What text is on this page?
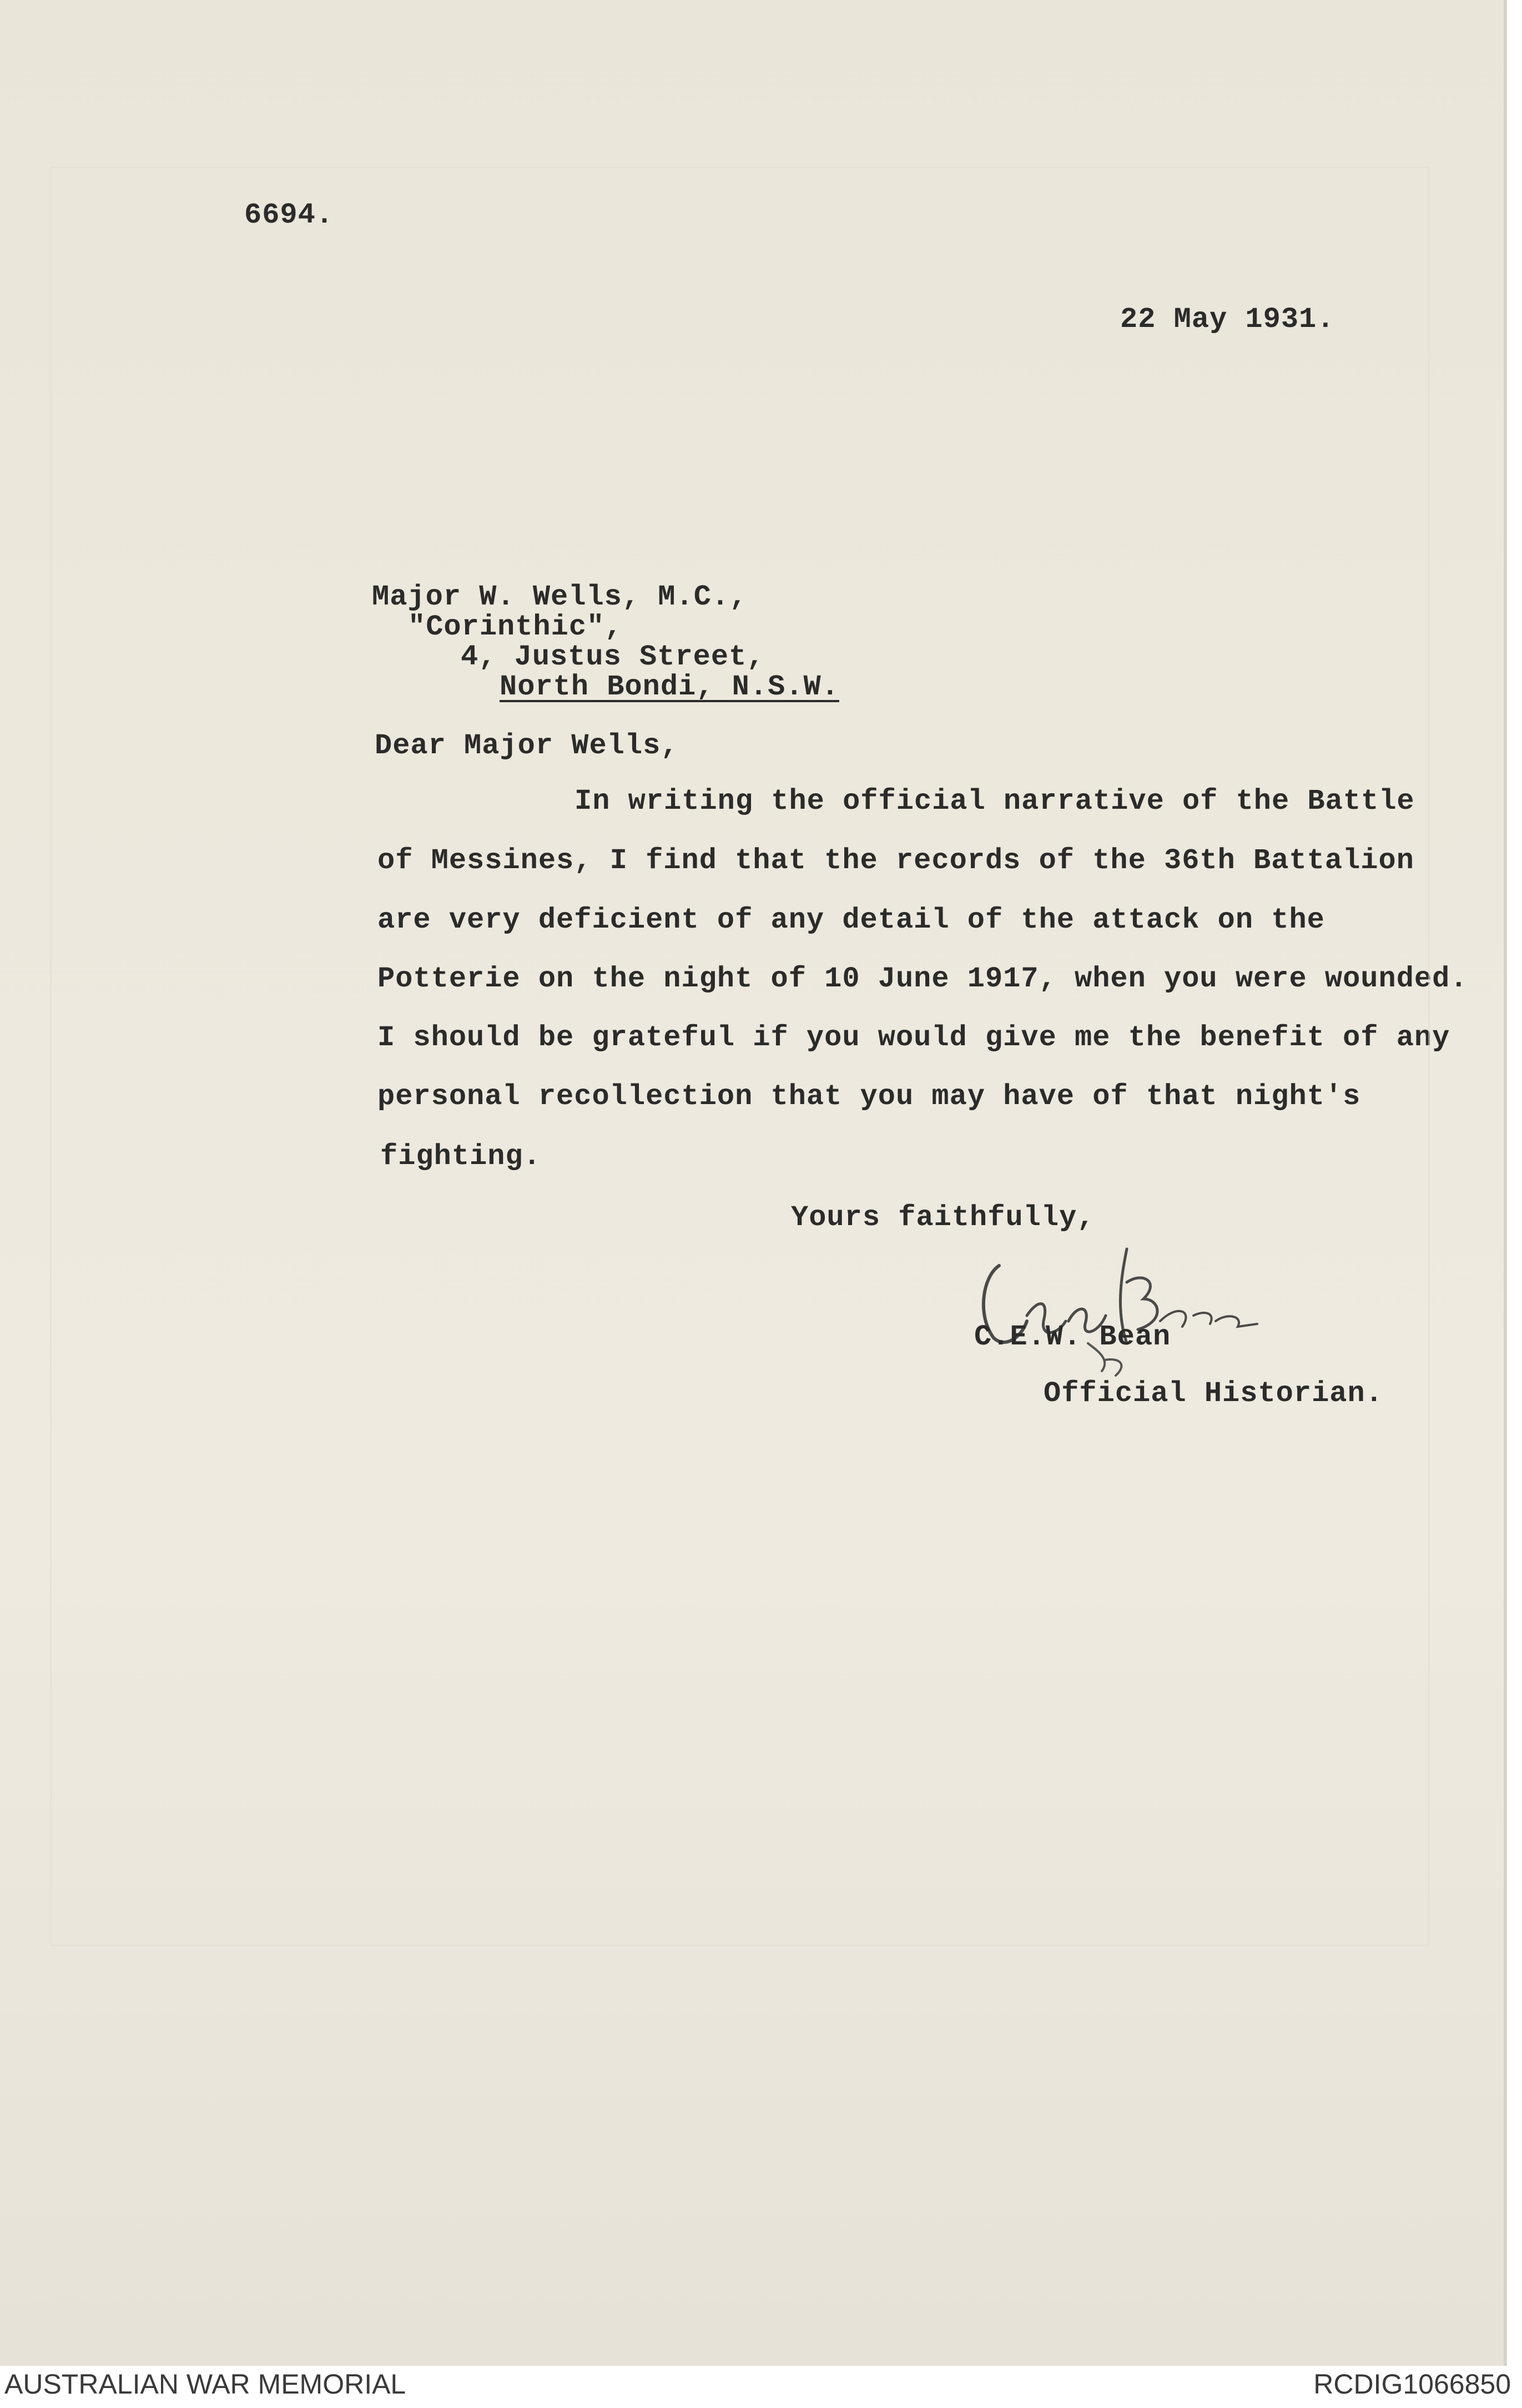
6694.
22 May 1931.
Major W. Wells, M.C.,
"Corinthic",
4, Justus Street,
North Bondi, N.S.W.
Dear Major Wells,
In writing the official narrative of the Battle
of Messines, I find that the records of the 36th Battalion
are very deficient of any detail of the attack on the
Potterie on the night of 10 June 1917, when you were wounded.
I should be grateful if you would give me the benefit of any
personal recollection that you may have of that night's
fighting.
Yours faithfully,
C.E.W. Bean
Official Historian.
AUSTRALIAN WAR MEMORIAL	RCDIG1066850
